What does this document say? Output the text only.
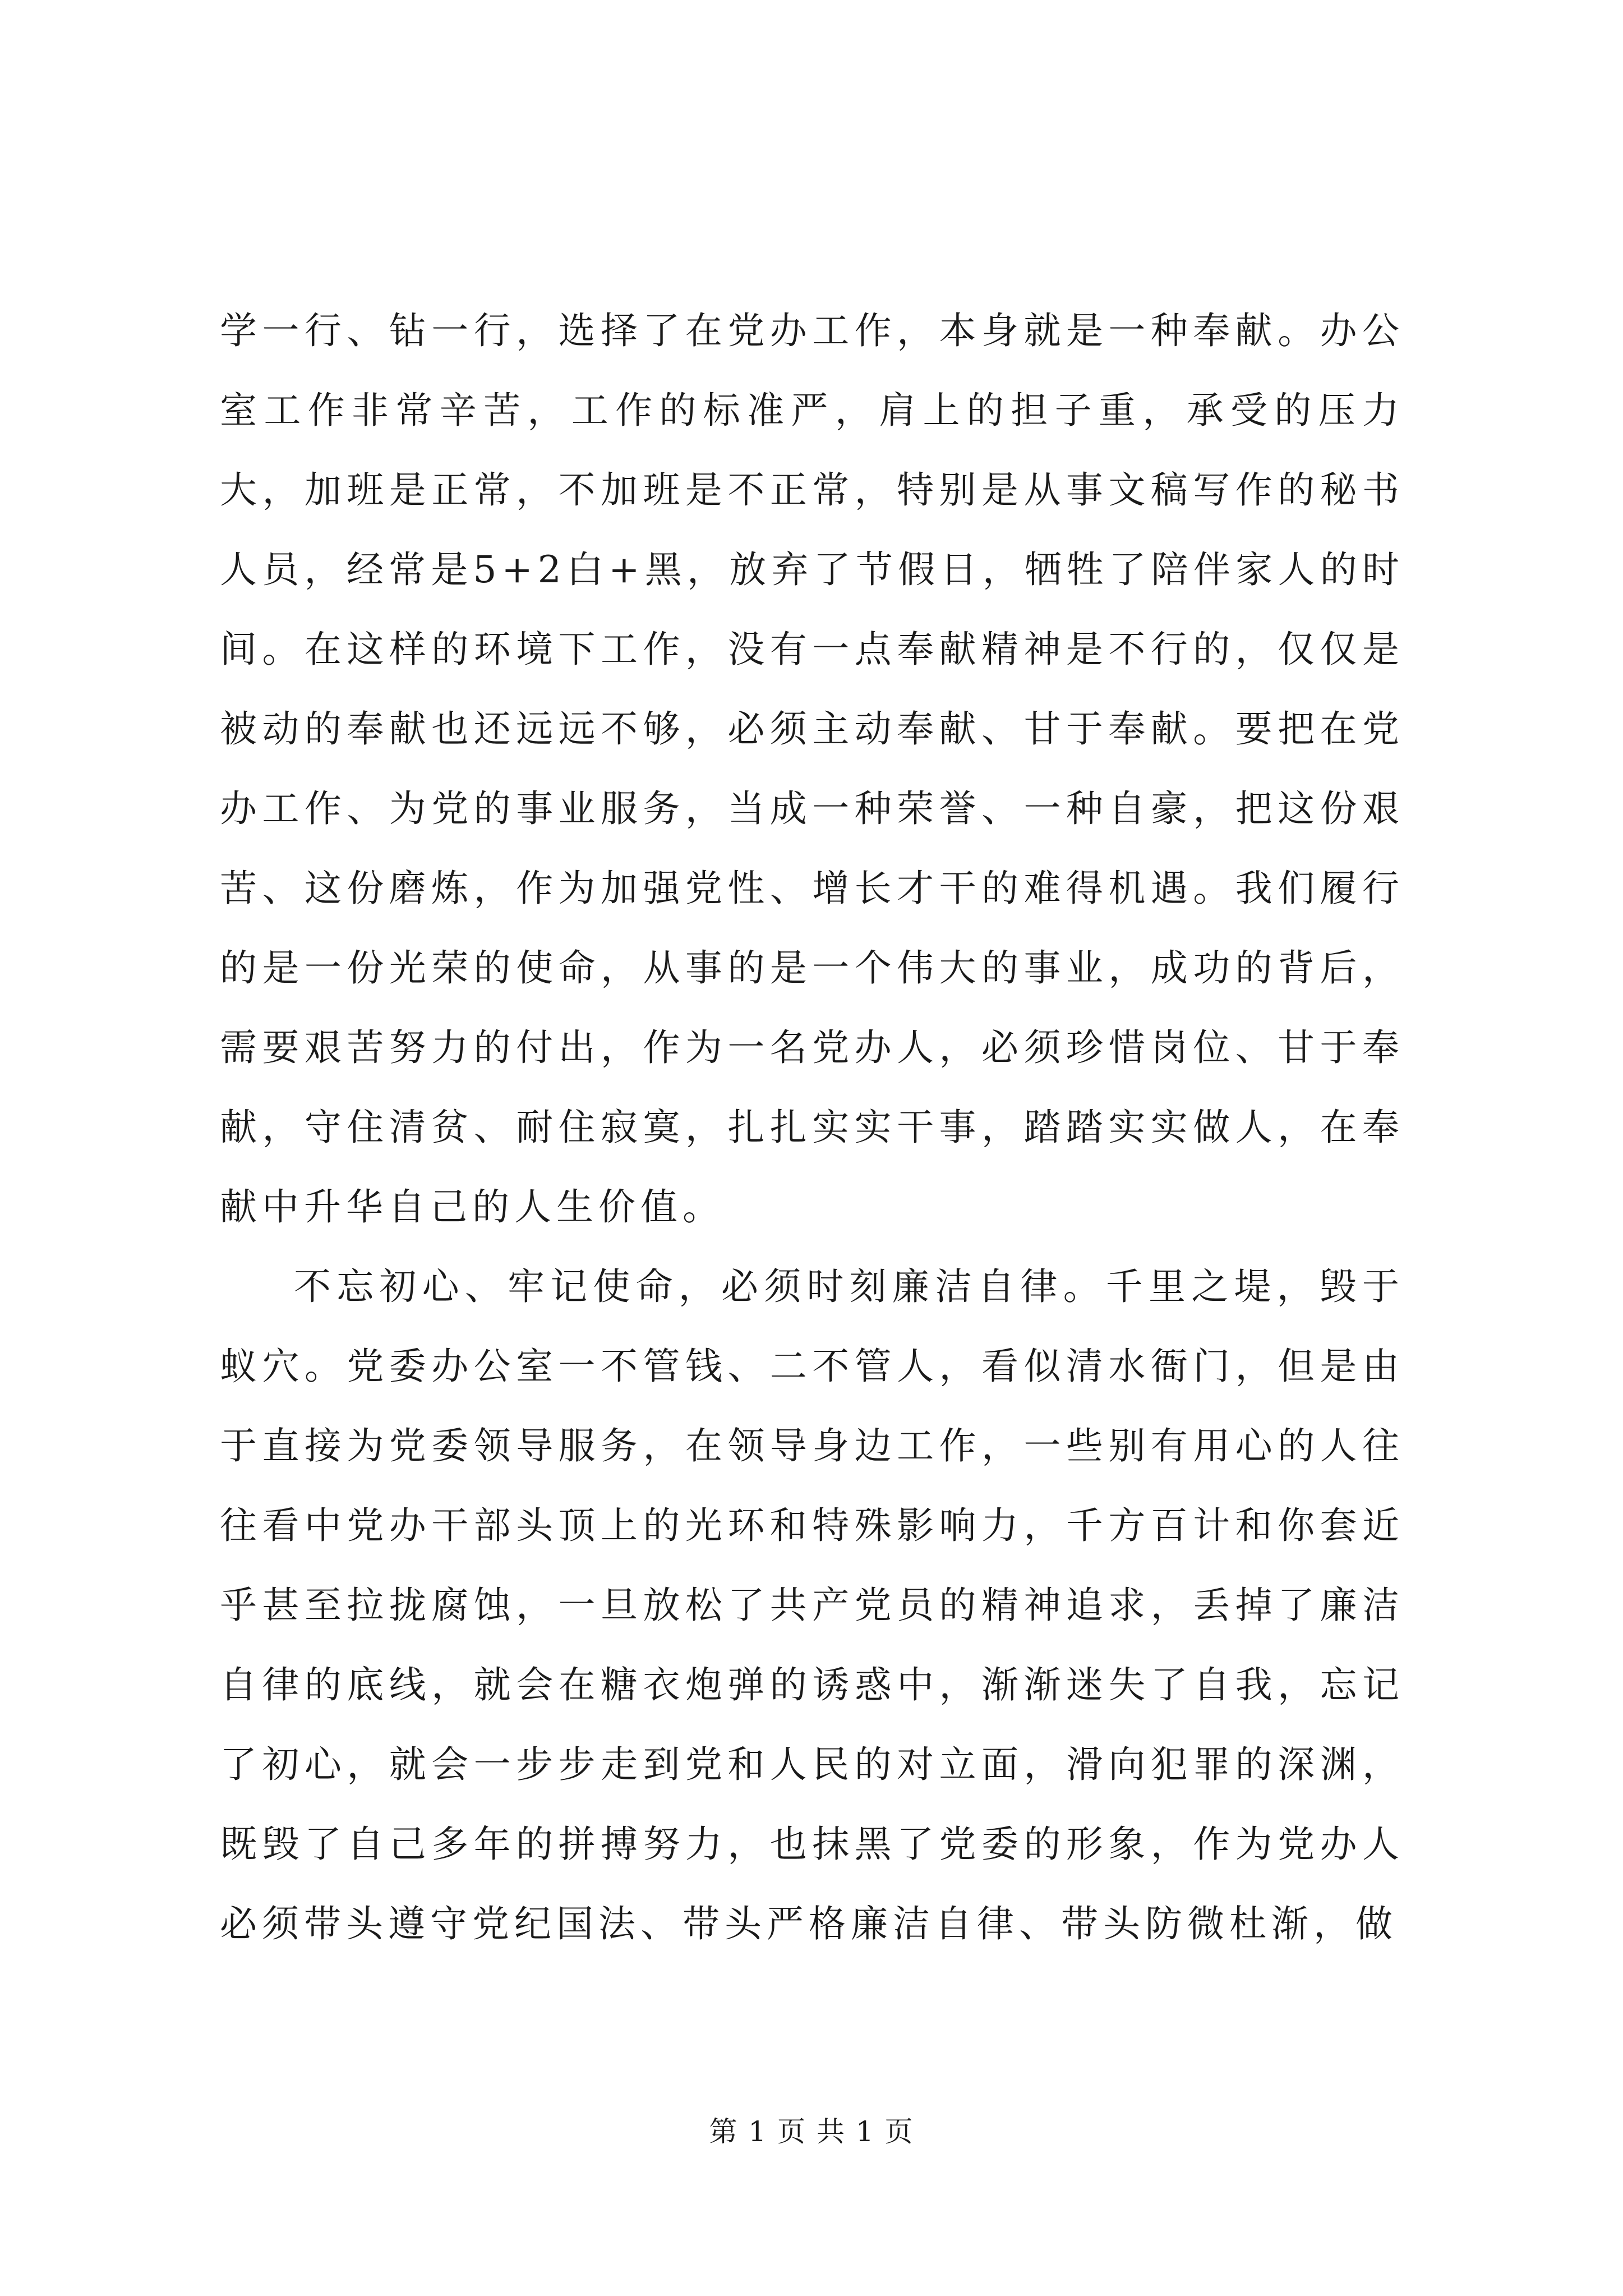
学一行、钻一行，选择了在党办工作，本身就是一种奉献。办公室工作非常辛苦，工作的标准严，肩上的担子重，承受的压力大，加班是正常，不加班是不正常，特别是从事文稿写作的秘书人员，经常是5+2白+黑，放弃了节假日，牺牲了陪伴家人的时间。在这样的环境下工作，没有一点奉献精神是不行的，仅仅是被动的奉献也还远远不够，必须主动奉献、甘于奉献。要把在党办工作、为党的事业服务，当成一种荣誉、一种自豪，把这份艰苦、这份磨炼，作为加强党性、增长才干的难得机遇。我们履行的是一份光荣的使命，从事的是一个伟大的事业，成功的背后，需要艰苦努力的付出，作为一名党办人，必须珍惜岗位、甘于奉献，守住清贫、耐住寂寞，扎扎实实干事，踏踏实实做人，在奉献中升华自己的人生价值。

不忘初心、牢记使命，必须时刻廉洁自律。千里之堤，毁于蚁穴。党委办公室一不管钱、二不管人，看似清水衙门，但是由于直接为党委领导服务，在领导身边工作，一些别有用心的人往往看中党办干部头顶上的光环和特殊影响力，千方百计和你套近乎甚至拉拢腐蚀，一旦放松了共产党员的精神追求，丢掉了廉洁自律的底线，就会在糖衣炮弹的诱惑中，渐渐迷失了自我，忘记了初心，就会一步步走到党和人民的对立面，滑向犯罪的深渊，既毁了自己多年的拼搏努力，也抹黑了党委的形象，作为党办人必须带头遵守党纪国法、带头严格廉洁自律、带头防微杜渐，做

第 1 页 共 1 页
